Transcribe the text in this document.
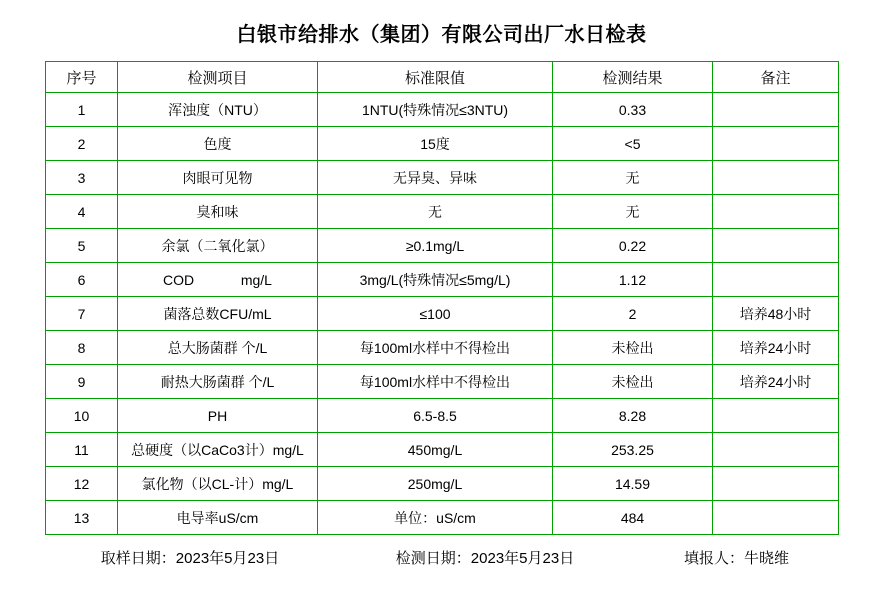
白银市给排水（集团）有限公司出厂水日检表
序号	检测项目	标准限值	检测结果	备注
1	浑浊度（NTU）	1NTU(特殊情况≤3NTU)	0.33	
2	色度	15度	<5	
3	肉眼可见物	无异臭、异味	无	
4	臭和味	无	无	
5	余氯（二氧化氯）	≥0.1mg/L	0.22	
6	COD            mg/L	3mg/L(特殊情况≤5mg/L)	1.12	
7	菌落总数CFU/mL	≤100	2	培养48小时
8	总大肠菌群 个/L	每100ml水样中不得检出	未检出	培养24小时
9	耐热大肠菌群 个/L	每100ml水样中不得检出	未检出	培养24小时
10	PH	6.5-8.5	8.28	
11	总硬度（以CaCo3计）mg/L	450mg/L	253.25	
12	氯化物（以CL-计）mg/L	250mg/L	14.59	
13	电导率uS/cm	单位：uS/cm	484	
取样日期：2023年5月23日	检测日期：2023年5月23日	填报人：牛晓维
